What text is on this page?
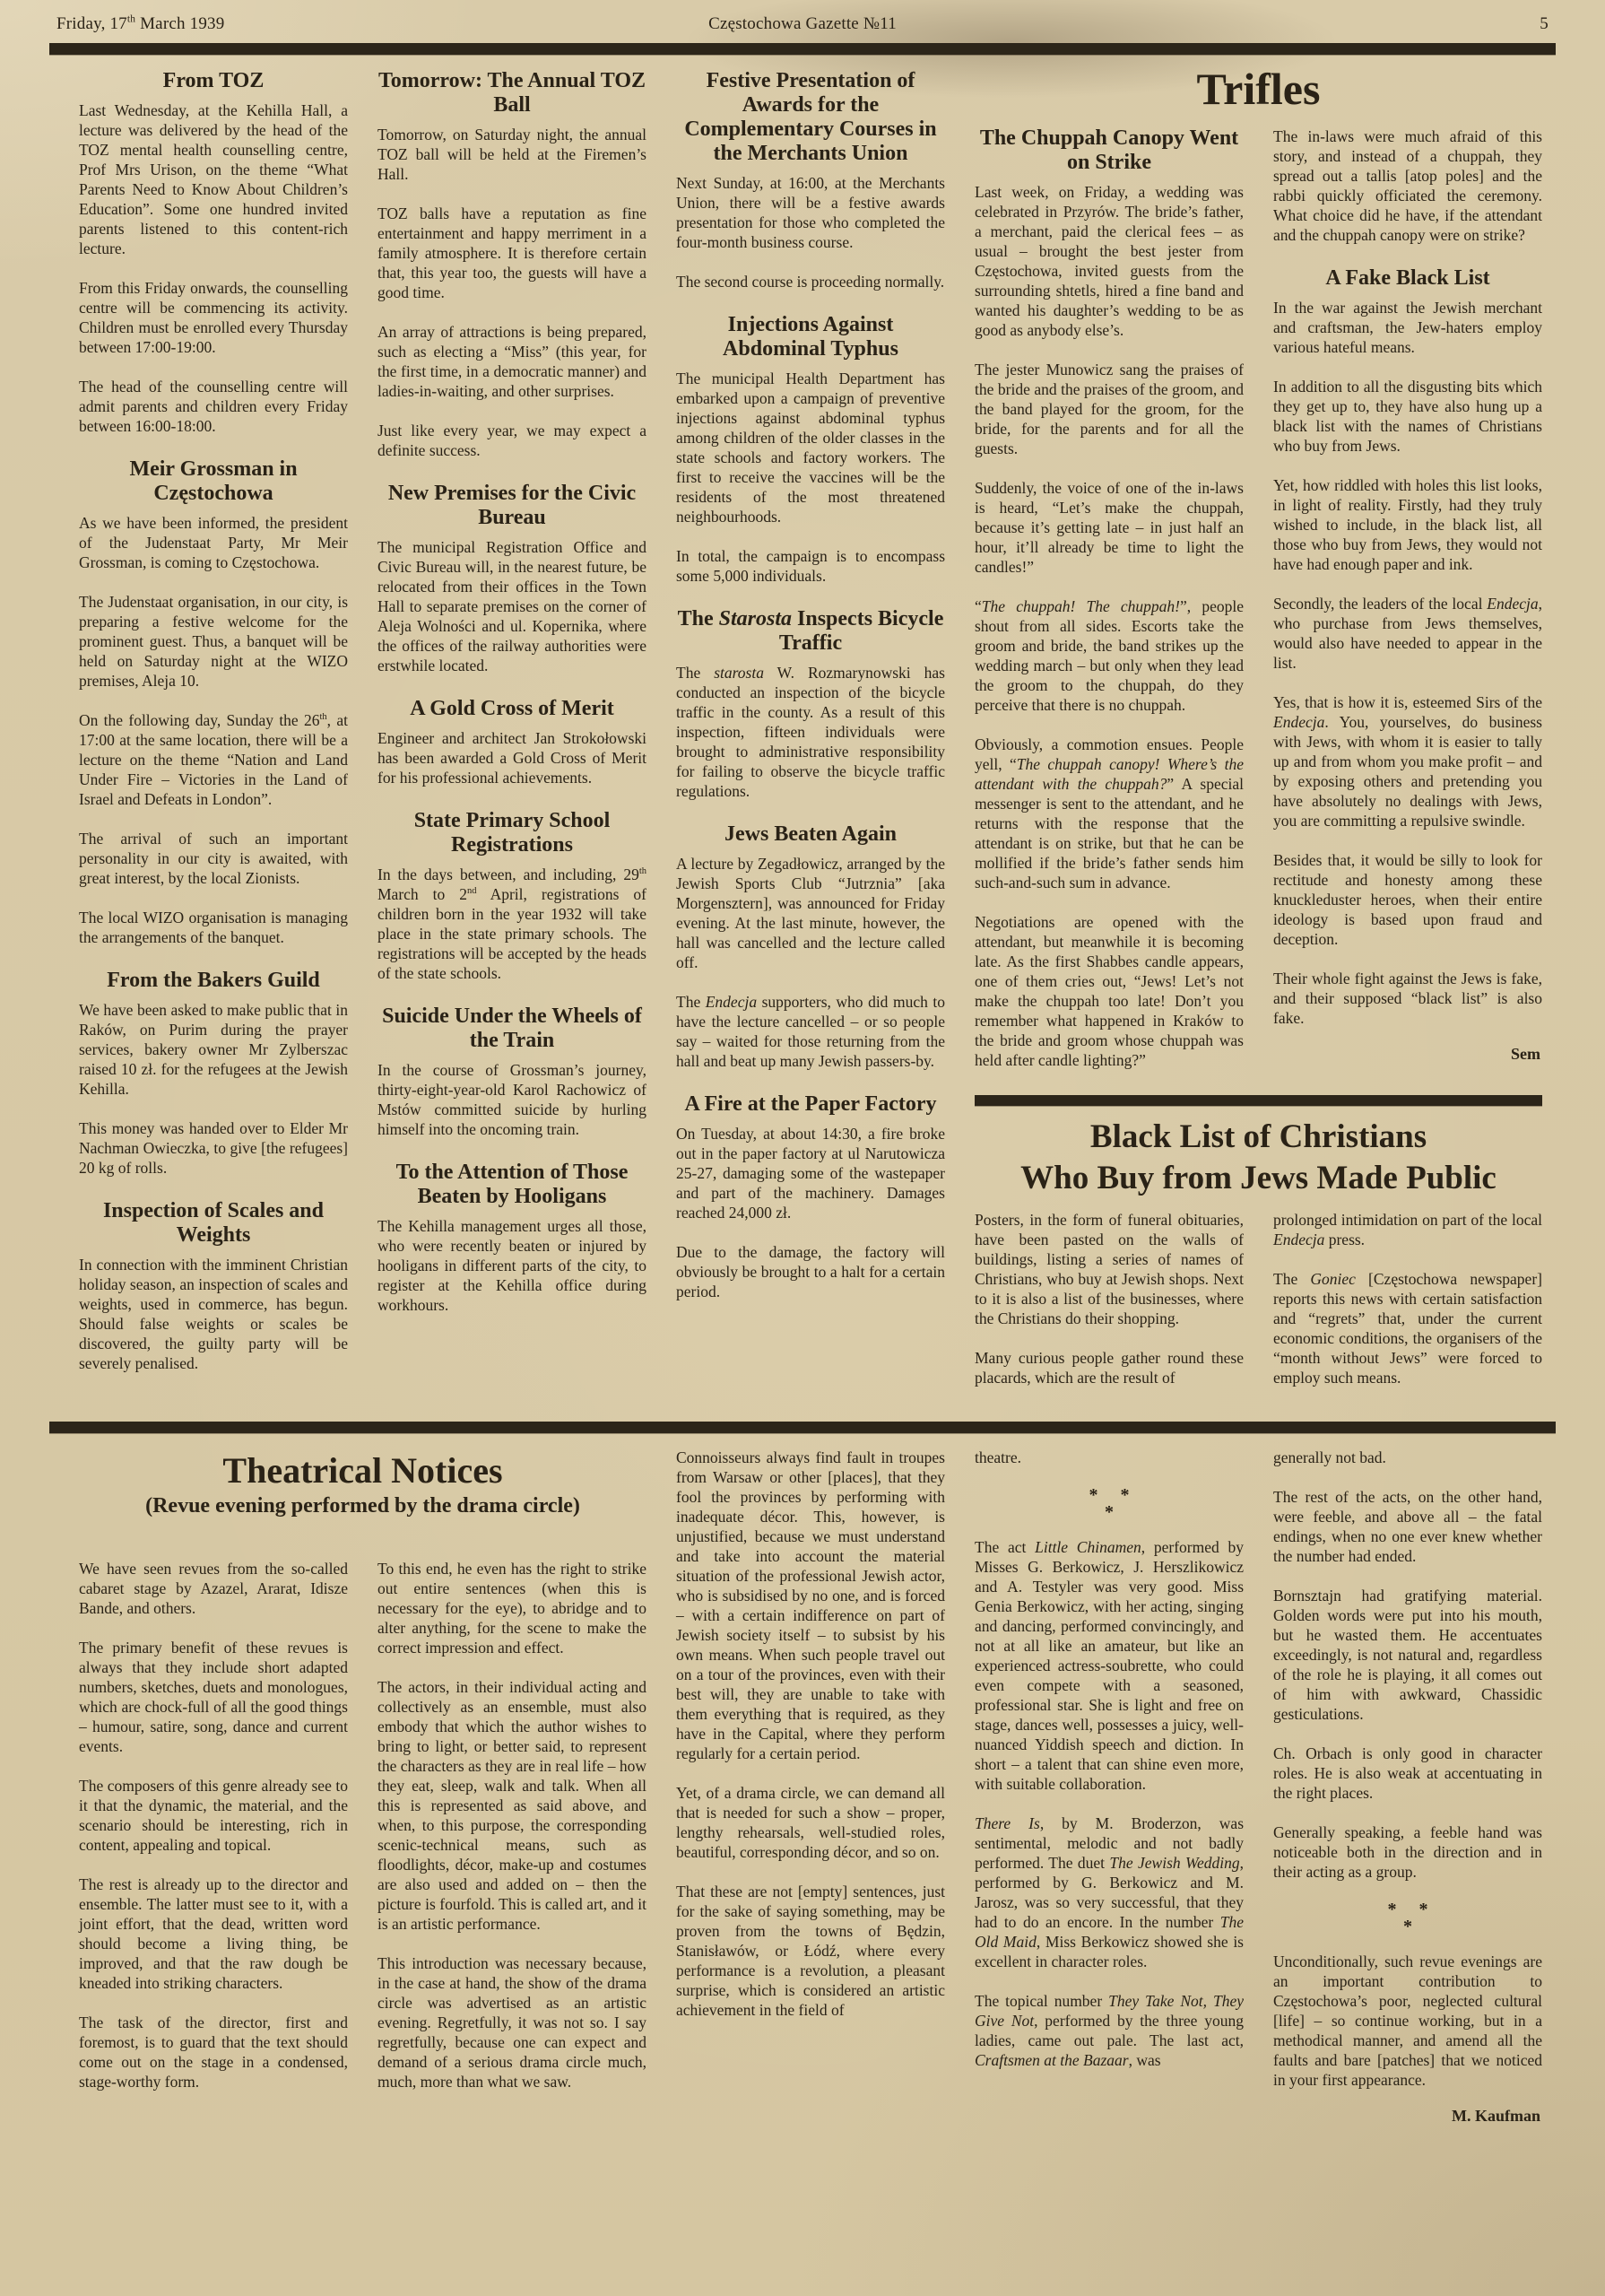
Friday, 17th March 1939	Częstochowa Gazette №11	5
From TOZ

Last Wednesday, at the Kehilla Hall, a lecture was delivered by the head of the TOZ mental health counselling centre, Prof Mrs Urison, on the theme “What Parents Need to Know About Children’s Education”. Some one hundred invited parents listened to this content-rich lecture.

From this Friday onwards, the counselling centre will be commencing its activity. Children must be enrolled every Thursday between 17:00-19:00.

The head of the counselling centre will admit parents and children every Friday between 16:00-18:00.

Meir Grossman in Częstochowa

As we have been informed, the president of the Judenstaat Party, Mr Meir Grossman, is coming to Częstochowa.

The Judenstaat organisation, in our city, is preparing a festive welcome for the prominent guest. Thus, a banquet will be held on Saturday night at the WIZO premises, Aleja 10.

On the following day, Sunday the 26th, at 17:00 at the same location, there will be a lecture on the theme “Nation and Land Under Fire – Victories in the Land of Israel and Defeats in London”.

The arrival of such an important personality in our city is awaited, with great interest, by the local Zionists.

The local WIZO organisation is managing the arrangements of the banquet.

From the Bakers Guild

We have been asked to make public that in Raków, on Purim during the prayer services, bakery owner Mr Zylberszac raised 10 zł. for the refugees at the Jewish Kehilla.

This money was handed over to Elder Mr Nachman Owieczka, to give [the refugees] 20 kg of rolls.

Inspection of Scales and Weights

In connection with the imminent Christian holiday season, an inspection of scales and weights, used in commerce, has begun. Should false weights or scales be discovered, the guilty party will be severely penalised.

Tomorrow: The Annual TOZ Ball

Tomorrow, on Saturday night, the annual TOZ ball will be held at the Firemen’s Hall.

TOZ balls have a reputation as fine entertainment and happy merriment in a family atmosphere. It is therefore certain that, this year too, the guests will have a good time.

An array of attractions is being prepared, such as electing a “Miss” (this year, for the first time, in a democratic manner) and ladies-in-waiting, and other surprises.

Just like every year, we may expect a definite success.

New Premises for the Civic Bureau

The municipal Registration Office and Civic Bureau will, in the nearest future, be relocated from their offices in the Town Hall to separate premises on the corner of Aleja Wolności and ul. Kopernika, where the offices of the railway authorities were erstwhile located.

A Gold Cross of Merit

Engineer and architect Jan Strokołowski has been awarded a Gold Cross of Merit for his professional achievements.

State Primary School Registrations

In the days between, and including, 29th March to 2nd April, registrations of children born in the year 1932 will take place in the state primary schools. The registrations will be accepted by the heads of the state schools.

Suicide Under the Wheels of the Train

In the course of Grossman’s journey, thirty-eight-year-old Karol Rachowicz of Mstów committed suicide by hurling himself into the oncoming train.

To the Attention of Those Beaten by Hooligans

The Kehilla management urges all those, who were recently beaten or injured by hooligans in different parts of the city, to register at the Kehilla office during workhours.

Festive Presentation of Awards for the Complementary Courses in the Merchants Union

Next Sunday, at 16:00, at the Merchants Union, there will be a festive awards presentation for those who completed the four-month business course.

The second course is proceeding normally.

Injections Against Abdominal Typhus

The municipal Health Department has embarked upon a campaign of preventive injections against abdominal typhus among children of the older classes in the state schools and factory workers. The first to receive the vaccines will be the residents of the most threatened neighbourhoods.

In total, the campaign is to encompass some 5,000 individuals.

The Starosta Inspects Bicycle Traffic

The starosta W. Rozmarynowski has conducted an inspection of the bicycle traffic in the county. As a result of this inspection, fifteen individuals were brought to administrative responsibility for failing to observe the bicycle traffic regulations.

Jews Beaten Again

A lecture by Zegadłowicz, arranged by the Jewish Sports Club “Jutrznia” [aka Morgensztern], was announced for Friday evening. At the last minute, however, the hall was cancelled and the lecture called off.

The Endecja supporters, who did much to have the lecture cancelled – or so people say – waited for those returning from the hall and beat up many Jewish passers-by.

A Fire at the Paper Factory

On Tuesday, at about 14:30, a fire broke out in the paper factory at ul Narutowicza 25-27, damaging some of the wastepaper and part of the machinery. Damages reached 24,000 zł.

Due to the damage, the factory will obviously be brought to a halt for a certain period.

Trifles
The Chuppah Canopy Went on Strike

Last week, on Friday, a wedding was celebrated in Przyrów. The bride’s father, a merchant, paid the clerical fees – as usual – brought the best jester from Częstochowa, invited guests from the surrounding shtetls, hired a fine band and wanted his daughter’s wedding to be as good as anybody else’s.

The jester Munowicz sang the praises of the bride and the praises of the groom, and the band played for the groom, for the bride, for the parents and for all the guests.

Suddenly, the voice of one of the in-laws is heard, “Let’s make the chuppah, because it’s getting late – in just half an hour, it’ll already be time to light the candles!”

“The chuppah! The chuppah!”, people shout from all sides. Escorts take the groom and bride, the band strikes up the wedding march – but only when they lead the groom to the chuppah, do they perceive that there is no chuppah.

Obviously, a commotion ensues. People yell, “The chuppah canopy! Where’s the attendant with the chuppah?” A special messenger is sent to the attendant, and he returns with the response that the attendant is on strike, but that he can be mollified if the bride’s father sends him such-and-such sum in advance.

Negotiations are opened with the attendant, but meanwhile it is becoming late. As the first Shabbes candle appears, one of them cries out, “Jews! Let’s not make the chuppah too late! Don’t you remember what happened in Kraków to the bride and groom whose chuppah was held after candle lighting?”

The in-laws were much afraid of this story, and instead of a chuppah, they spread out a tallis [atop poles] and the rabbi quickly officiated the ceremony. What choice did he have, if the attendant and the chuppah canopy were on strike?

A Fake Black List

In the war against the Jewish merchant and craftsman, the Jew-haters employ various hateful means.

In addition to all the disgusting bits which they get up to, they have also hung up a black list with the names of Christians who buy from Jews.

Yet, how riddled with holes this list looks, in light of reality. Firstly, had they truly wished to include, in the black list, all those who buy from Jews, they would not have had enough paper and ink.

Secondly, the leaders of the local Endecja, who purchase from Jews themselves, would also have needed to appear in the list.

Yes, that is how it is, esteemed Sirs of the Endecja. You, yourselves, do business with Jews, with whom it is easier to tally up and from whom you make profit – and by exposing others and pretending you have absolutely no dealings with Jews, you are committing a repulsive swindle.

Besides that, it would be silly to look for rectitude and honesty among these knuckleduster heroes, when their entire ideology is based upon fraud and deception.

Their whole fight against the Jews is fake, and their supposed “black list” is also fake.

Sem
Black List of Christians
Who Buy from Jews Made Public

Posters, in the form of funeral obituaries, have been pasted on the walls of buildings, listing a series of names of Christians, who buy at Jewish shops. Next to it is also a list of the businesses, where the Christians do their shopping.

Many curious people gather round these placards, which are the result of

prolonged intimidation on part of the local Endecja press.

The Goniec [Częstochowa newspaper] reports this news with certain satisfaction and “regrets” that, under the current economic conditions, the organisers of the “month without Jews” were forced to employ such means.

Theatrical Notices
(Revue evening performed by the drama circle)

We have seen revues from the so-called cabaret stage by Azazel, Ararat, Idisze Bande, and others.

The primary benefit of these revues is always that they include short adapted numbers, sketches, duets and monologues, which are chock-full of all the good things – humour, satire, song, dance and current events.

The composers of this genre already see to it that the dynamic, the material, and the scenario should be interesting, rich in content, appealing and topical.

The rest is already up to the director and ensemble. The latter must see to it, with a joint effort, that the dead, written word should become a living thing, be improved, and that the raw dough be kneaded into striking characters.

The task of the director, first and foremost, is to guard that the text should come out on the stage in a condensed, stage-worthy form.

To this end, he even has the right to strike out entire sentences (when this is necessary for the eye), to abridge and to alter anything, for the scene to make the correct impression and effect.

The actors, in their individual acting and collectively as an ensemble, must also embody that which the author wishes to bring to light, or better said, to represent the characters as they are in real life – how they eat, sleep, walk and talk. When all this is represented as said above, and when, to this purpose, the corresponding scenic-technical means, such as floodlights, décor, make-up and costumes are also used and added on – then the picture is fourfold. This is called art, and it is an artistic performance.

This introduction was necessary because, in the case at hand, the show of the drama circle was advertised as an artistic evening. Regretfully, it was not so. I say regretfully, because one can expect and demand of a serious drama circle much, much, more than what we saw.

Connoisseurs always find fault in troupes from Warsaw or other [places], that they fool the provinces by performing with inadequate décor. This, however, is unjustified, because we must understand and take into account the material situation of the professional Jewish actor, who is subsidised by no one, and is forced – with a certain indifference on part of Jewish society itself – to subsist by his own means. When such people travel out on a tour of the provinces, even with their best will, they are unable to take with them everything that is required, as they have in the Capital, where they perform regularly for a certain period.

Yet, of a drama circle, we can demand all that is needed for such a show – proper, lengthy rehearsals, well-studied roles, beautiful, corresponding décor, and so on.

That these are not [empty] sentences, just for the sake of saying something, may be proven from the towns of Będzin, Stanisławów, or Łódź, where every performance is a revolution, a pleasant surprise, which is considered an artistic achievement in the field of

theatre.

*     *
*

The act Little Chinamen, performed by Misses G. Berkowicz, J. Herszlikowicz and A. Testyler was very good. Miss Genia Berkowicz, with her acting, singing and dancing, performed convincingly, and not at all like an amateur, but like an experienced actress-soubrette, who could even compete with a seasoned, professional star. She is light and free on stage, dances well, possesses a juicy, well-nuanced Yiddish speech and diction. In short – a talent that can shine even more, with suitable collaboration.

There Is, by M. Broderzon, was sentimental, melodic and not badly performed. The duet The Jewish Wedding, performed by G. Berkowicz and M. Jarosz, was so very successful, that they had to do an encore. In the number The Old Maid, Miss Berkowicz showed she is excellent in character roles.

The topical number They Take Not, They Give Not, performed by the three young ladies, came out pale. The last act, Craftsmen at the Bazaar, was

generally not bad.

The rest of the acts, on the other hand, were feeble, and above all – the fatal endings, when no one ever knew whether the number had ended.

Bornsztajn had gratifying material. Golden words were put into his mouth, but he wasted them. He accentuates exceedingly, is not natural and, regardless of the role he is playing, it all comes out of him with awkward, Chassidic gesticulations.

Ch. Orbach is only good in character roles. He is also weak at accentuating in the right places.

Generally speaking, a feeble hand was noticeable both in the direction and in their acting as a group.

*     *
*

Unconditionally, such revue evenings are an important contribution to Częstochowa’s poor, neglected cultural [life] – so continue working, but in a methodical manner, and amend all the faults and bare [patches] that we noticed in your first appearance.

M. Kaufman
